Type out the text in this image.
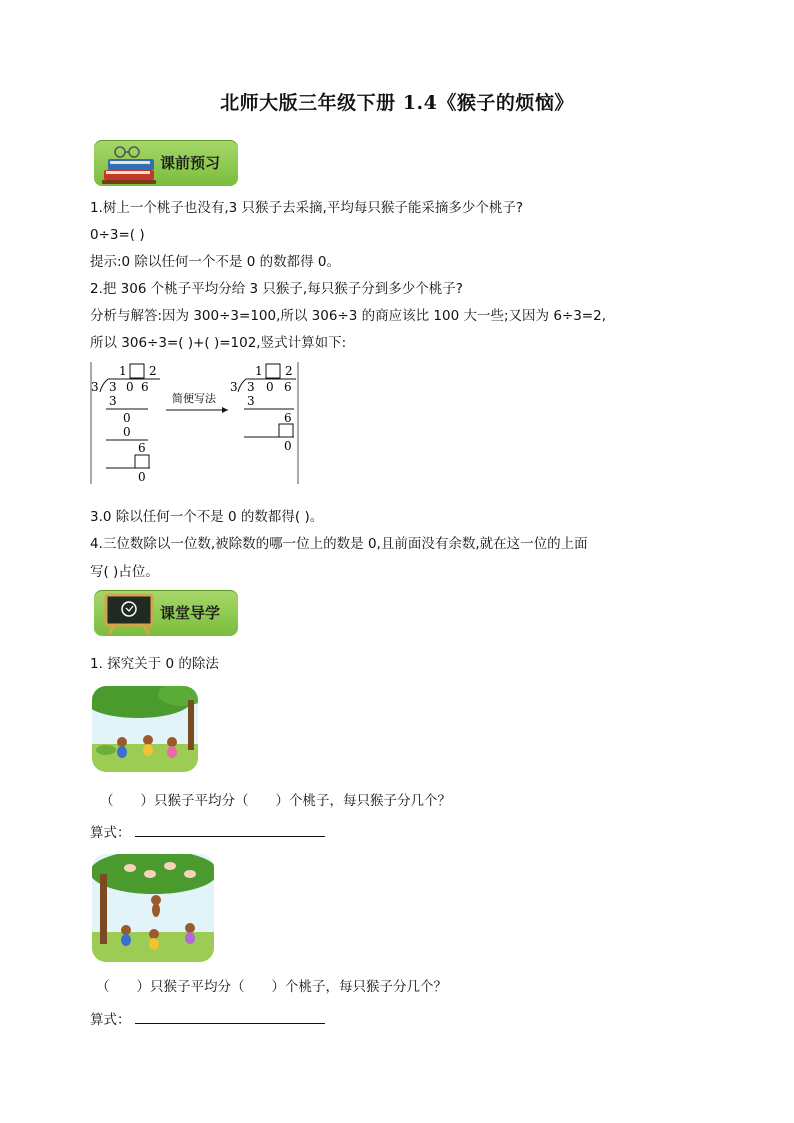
北师大版三年级下册 1.4《猴子的烦恼》
课前预习
1.树上一个桃子也没有,3 只猴子去采摘,平均每只猴子能采摘多少个桃子?
0÷3=( )
提示:0 除以任何一个不是 0 的数都得 0。
2.把 306 个桃子平均分给 3 只猴子,每只猴子分到多少个桃子?
分析与解答:因为 300÷3=100,所以 306÷3 的商应该比 100 大一些;又因为 6÷3=2,
所以 306÷3=( )+( )=102,竖式计算如下:
1 2
3 3 0 6
3
0
0
6
0
简便写法
1 2
3 3 0 6
3
6
0
3.0 除以任何一个不是 0 的数都得( )。
4.三位数除以一位数,被除数的哪一位上的数是 0,且前面没有余数,就在这一位的上面
写( )占位。
课堂导学
1. 探究关于 0 的除法
（　　）只猴子平均分（　　）个桃子，每只猴子分几个？
算式：
（　　）只猴子平均分（　　）个桃子，每只猴子分几个？
算式：
